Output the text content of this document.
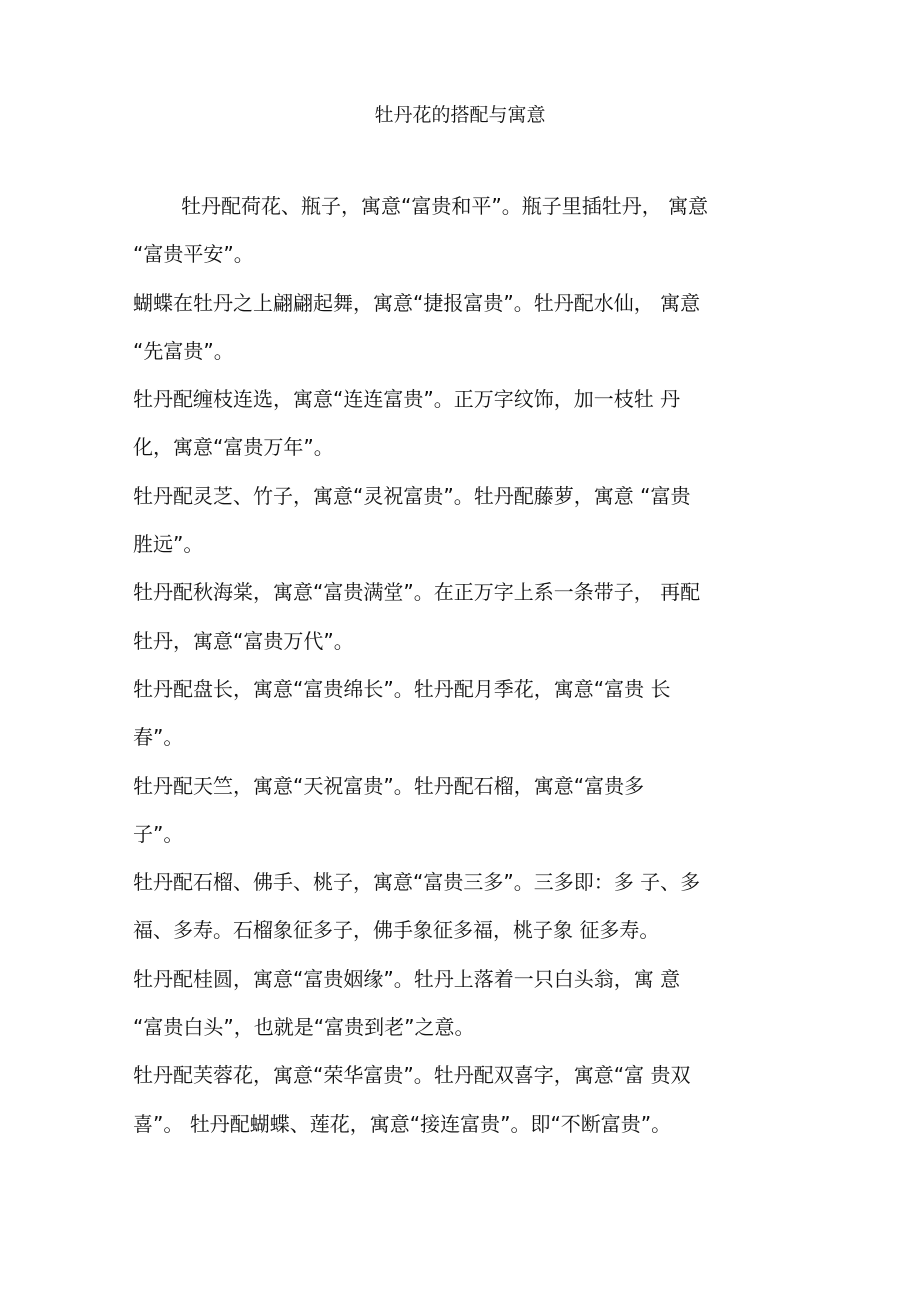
牡丹花的搭配与寓意
牡丹配荷花、瓶子，寓意“富贵和平”。瓶子里插牡丹， 寓意
“富贵平安”。
蝴蝶在牡丹之上翩翩起舞，寓意“捷报富贵”。牡丹配水仙， 寓意
“先富贵”。
牡丹配缠枝连选，寓意“连连富贵”。正万字纹饰，加一枝牡 丹
化，寓意“富贵万年”。
牡丹配灵芝、竹子，寓意“灵祝富贵”。牡丹配藤萝，寓意 “富贵
胜远”。
牡丹配秋海棠，寓意“富贵满堂”。在正万字上系一条带子， 再配
牡丹，寓意“富贵万代”。
牡丹配盘长，寓意“富贵绵长”。牡丹配月季花，寓意“富贵 长
春”。
牡丹配天竺，寓意“天祝富贵”。牡丹配石榴，寓意“富贵多
子”。
牡丹配石榴、佛手、桃子，寓意“富贵三多”。三多即：多 子、多
福、多寿。石榴象征多子，佛手象征多福，桃子象 征多寿。
牡丹配桂圆，寓意“富贵姻缘”。牡丹上落着一只白头翁，寓 意
“富贵白头”，也就是“富贵到老”之意。
牡丹配芙蓉花，寓意“荣华富贵”。牡丹配双喜字，寓意“富 贵双
喜”。 牡丹配蝴蝶、莲花，寓意“接连富贵”。即“不断富贵”。
